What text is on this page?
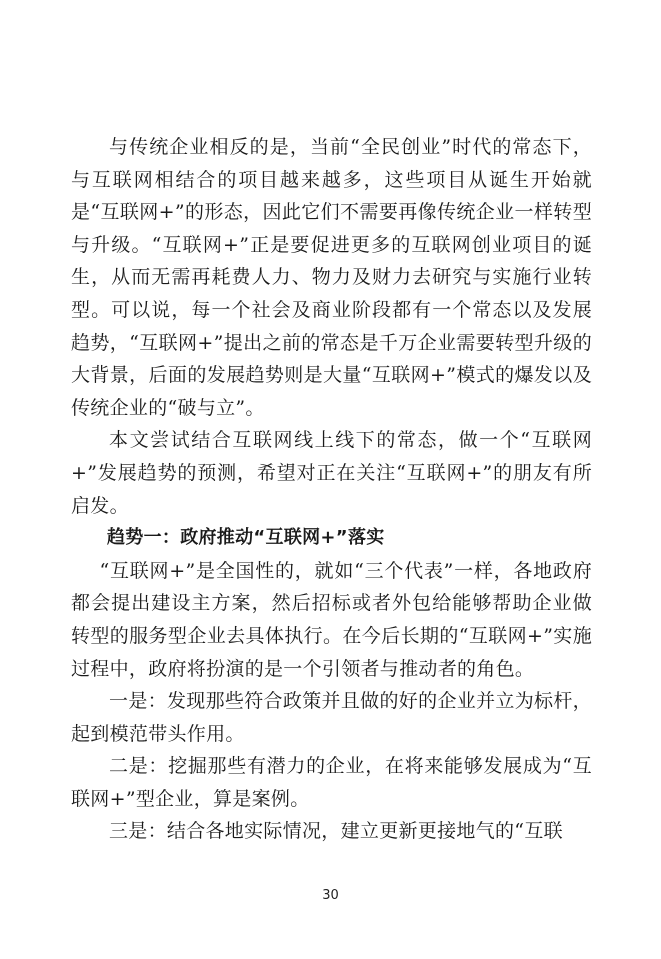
与传统企业相反的是，当前“全民创业”时代的常态下，与互联网相结合的项目越来越多，这些项目从诞生开始就是“互联网+”的形态，因此它们不需要再像传统企业一样转型与升级。“互联网+”正是要促进更多的互联网创业项目的诞生，从而无需再耗费人力、物力及财力去研究与实施行业转型。可以说，每一个社会及商业阶段都有一个常态以及发展趋势，“互联网+”提出之前的常态是千万企业需要转型升级的大背景，后面的发展趋势则是大量“互联网+”模式的爆发以及传统企业的“破与立”。

本文尝试结合互联网线上线下的常态，做一个“互联网+”发展趋势的预测，希望对正在关注“互联网+”的朋友有所启发。

趋势一：政府推动“互联网+”落实

“互联网+”是全国性的，就如“三个代表”一样，各地政府都会提出建设主方案，然后招标或者外包给能够帮助企业做转型的服务型企业去具体执行。在今后长期的“互联网+”实施过程中，政府将扮演的是一个引领者与推动者的角色。

一是：发现那些符合政策并且做的好的企业并立为标杆，起到模范带头作用。

二是：挖掘那些有潜力的企业，在将来能够发展成为“互联网+”型企业，算是案例。

三是：结合各地实际情况，建立更新更接地气的“互联

30
